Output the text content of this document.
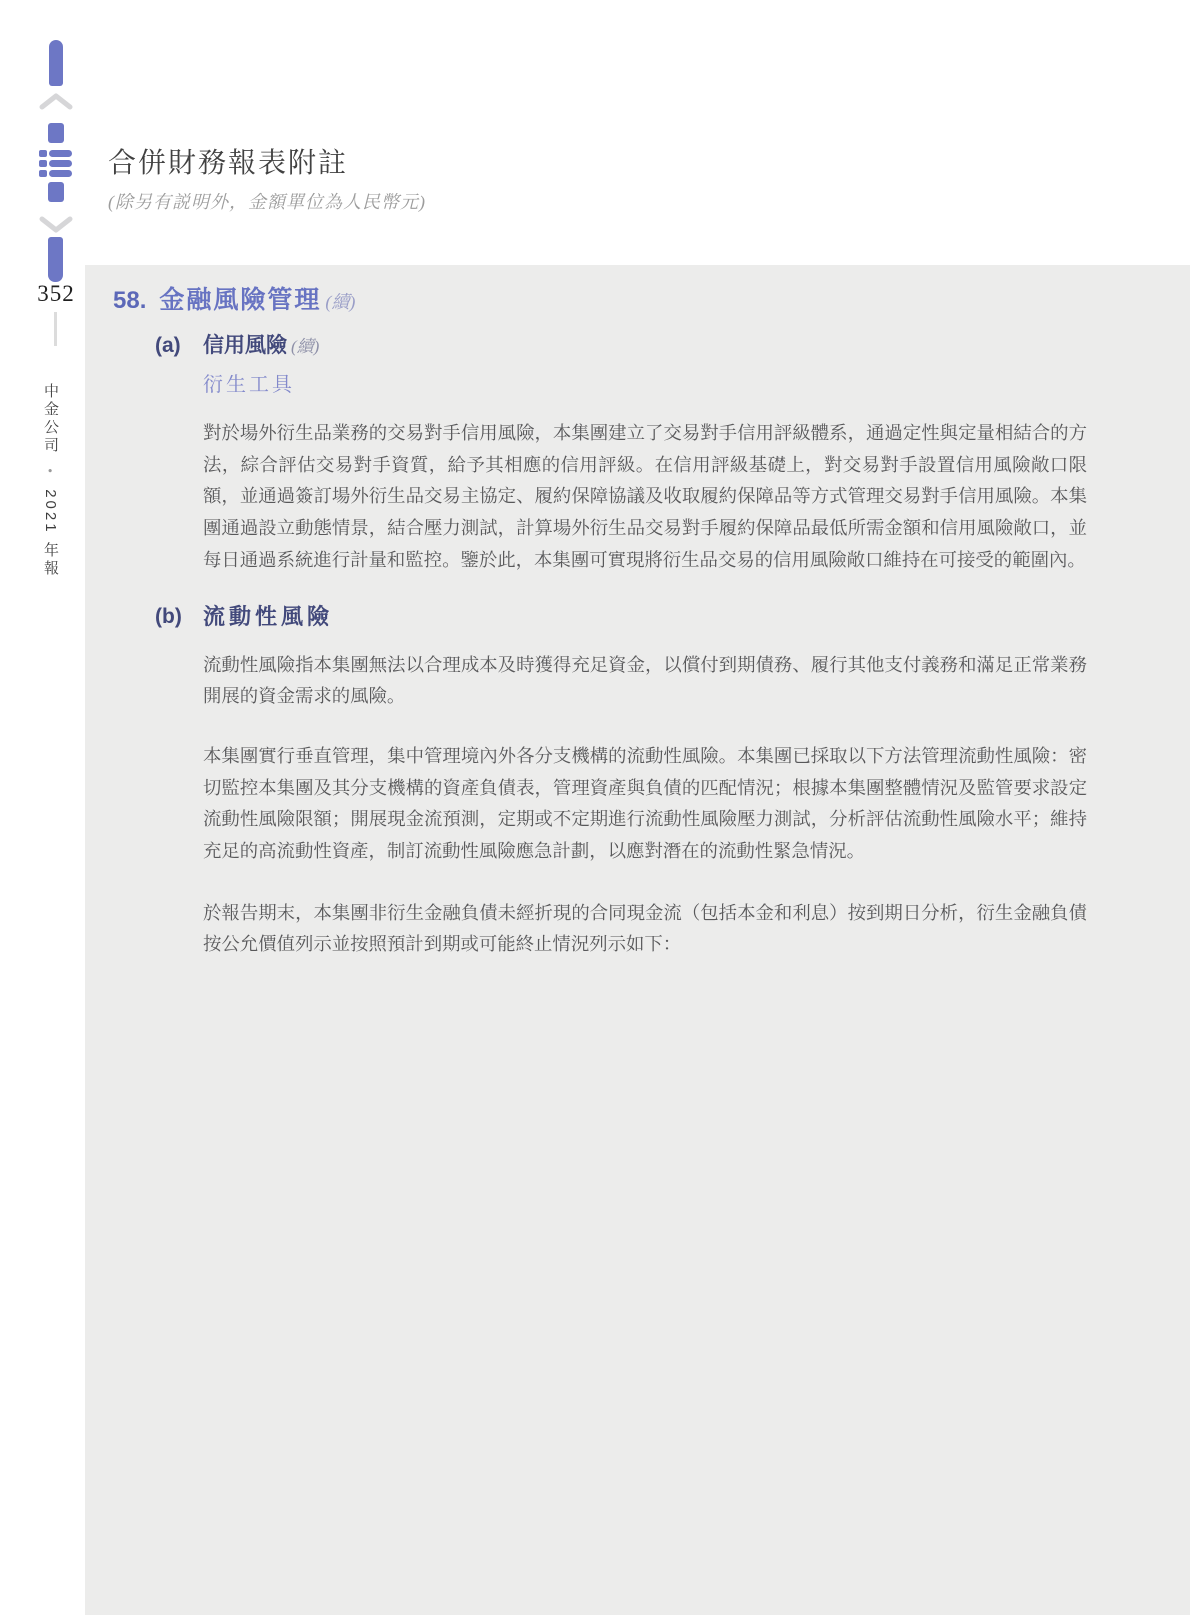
352
中金公司  •  2021 年報
合併財務報表附註
(除另有説明外，金額單位為人民幣元)
58. 金融風險管理 (續)
(a)	信用風險 (續)
衍生工具

對於場外衍生品業務的交易對手信用風險，本集團建立了交易對手信用評級體系，通過定性與定量相結合的方法，綜合評估交易對手資質，給予其相應的信用評級。在信用評級基礎上，對交易對手設置信用風險敞口限額，並通過簽訂場外衍生品交易主協定、履約保障協議及收取履約保障品等方式管理交易對手信用風險。本集團通過設立動態情景，結合壓力測試，計算場外衍生品交易對手履約保障品最低所需金額和信用風險敞口，並每日通過系統進行計量和監控。鑒於此，本集團可實現將衍生品交易的信用風險敞口維持在可接受的範圍內。

(b) 流動性風險

流動性風險指本集團無法以合理成本及時獲得充足資金，以償付到期債務、履行其他支付義務和滿足正常業務開展的資金需求的風險。

本集團實行垂直管理，集中管理境內外各分支機構的流動性風險。本集團已採取以下方法管理流動性風險：密切監控本集團及其分支機構的資產負債表，管理資產與負債的匹配情況；根據本集團整體情況及監管要求設定流動性風險限額；開展現金流預測，定期或不定期進行流動性風險壓力測試，分析評估流動性風險水平；維持充足的高流動性資產，制訂流動性風險應急計劃，以應對潛在的流動性緊急情況。

於報告期末，本集團非衍生金融負債未經折現的合同現金流（包括本金和利息）按到期日分析，衍生金融負債按公允價值列示並按照預計到期或可能終止情況列示如下：
